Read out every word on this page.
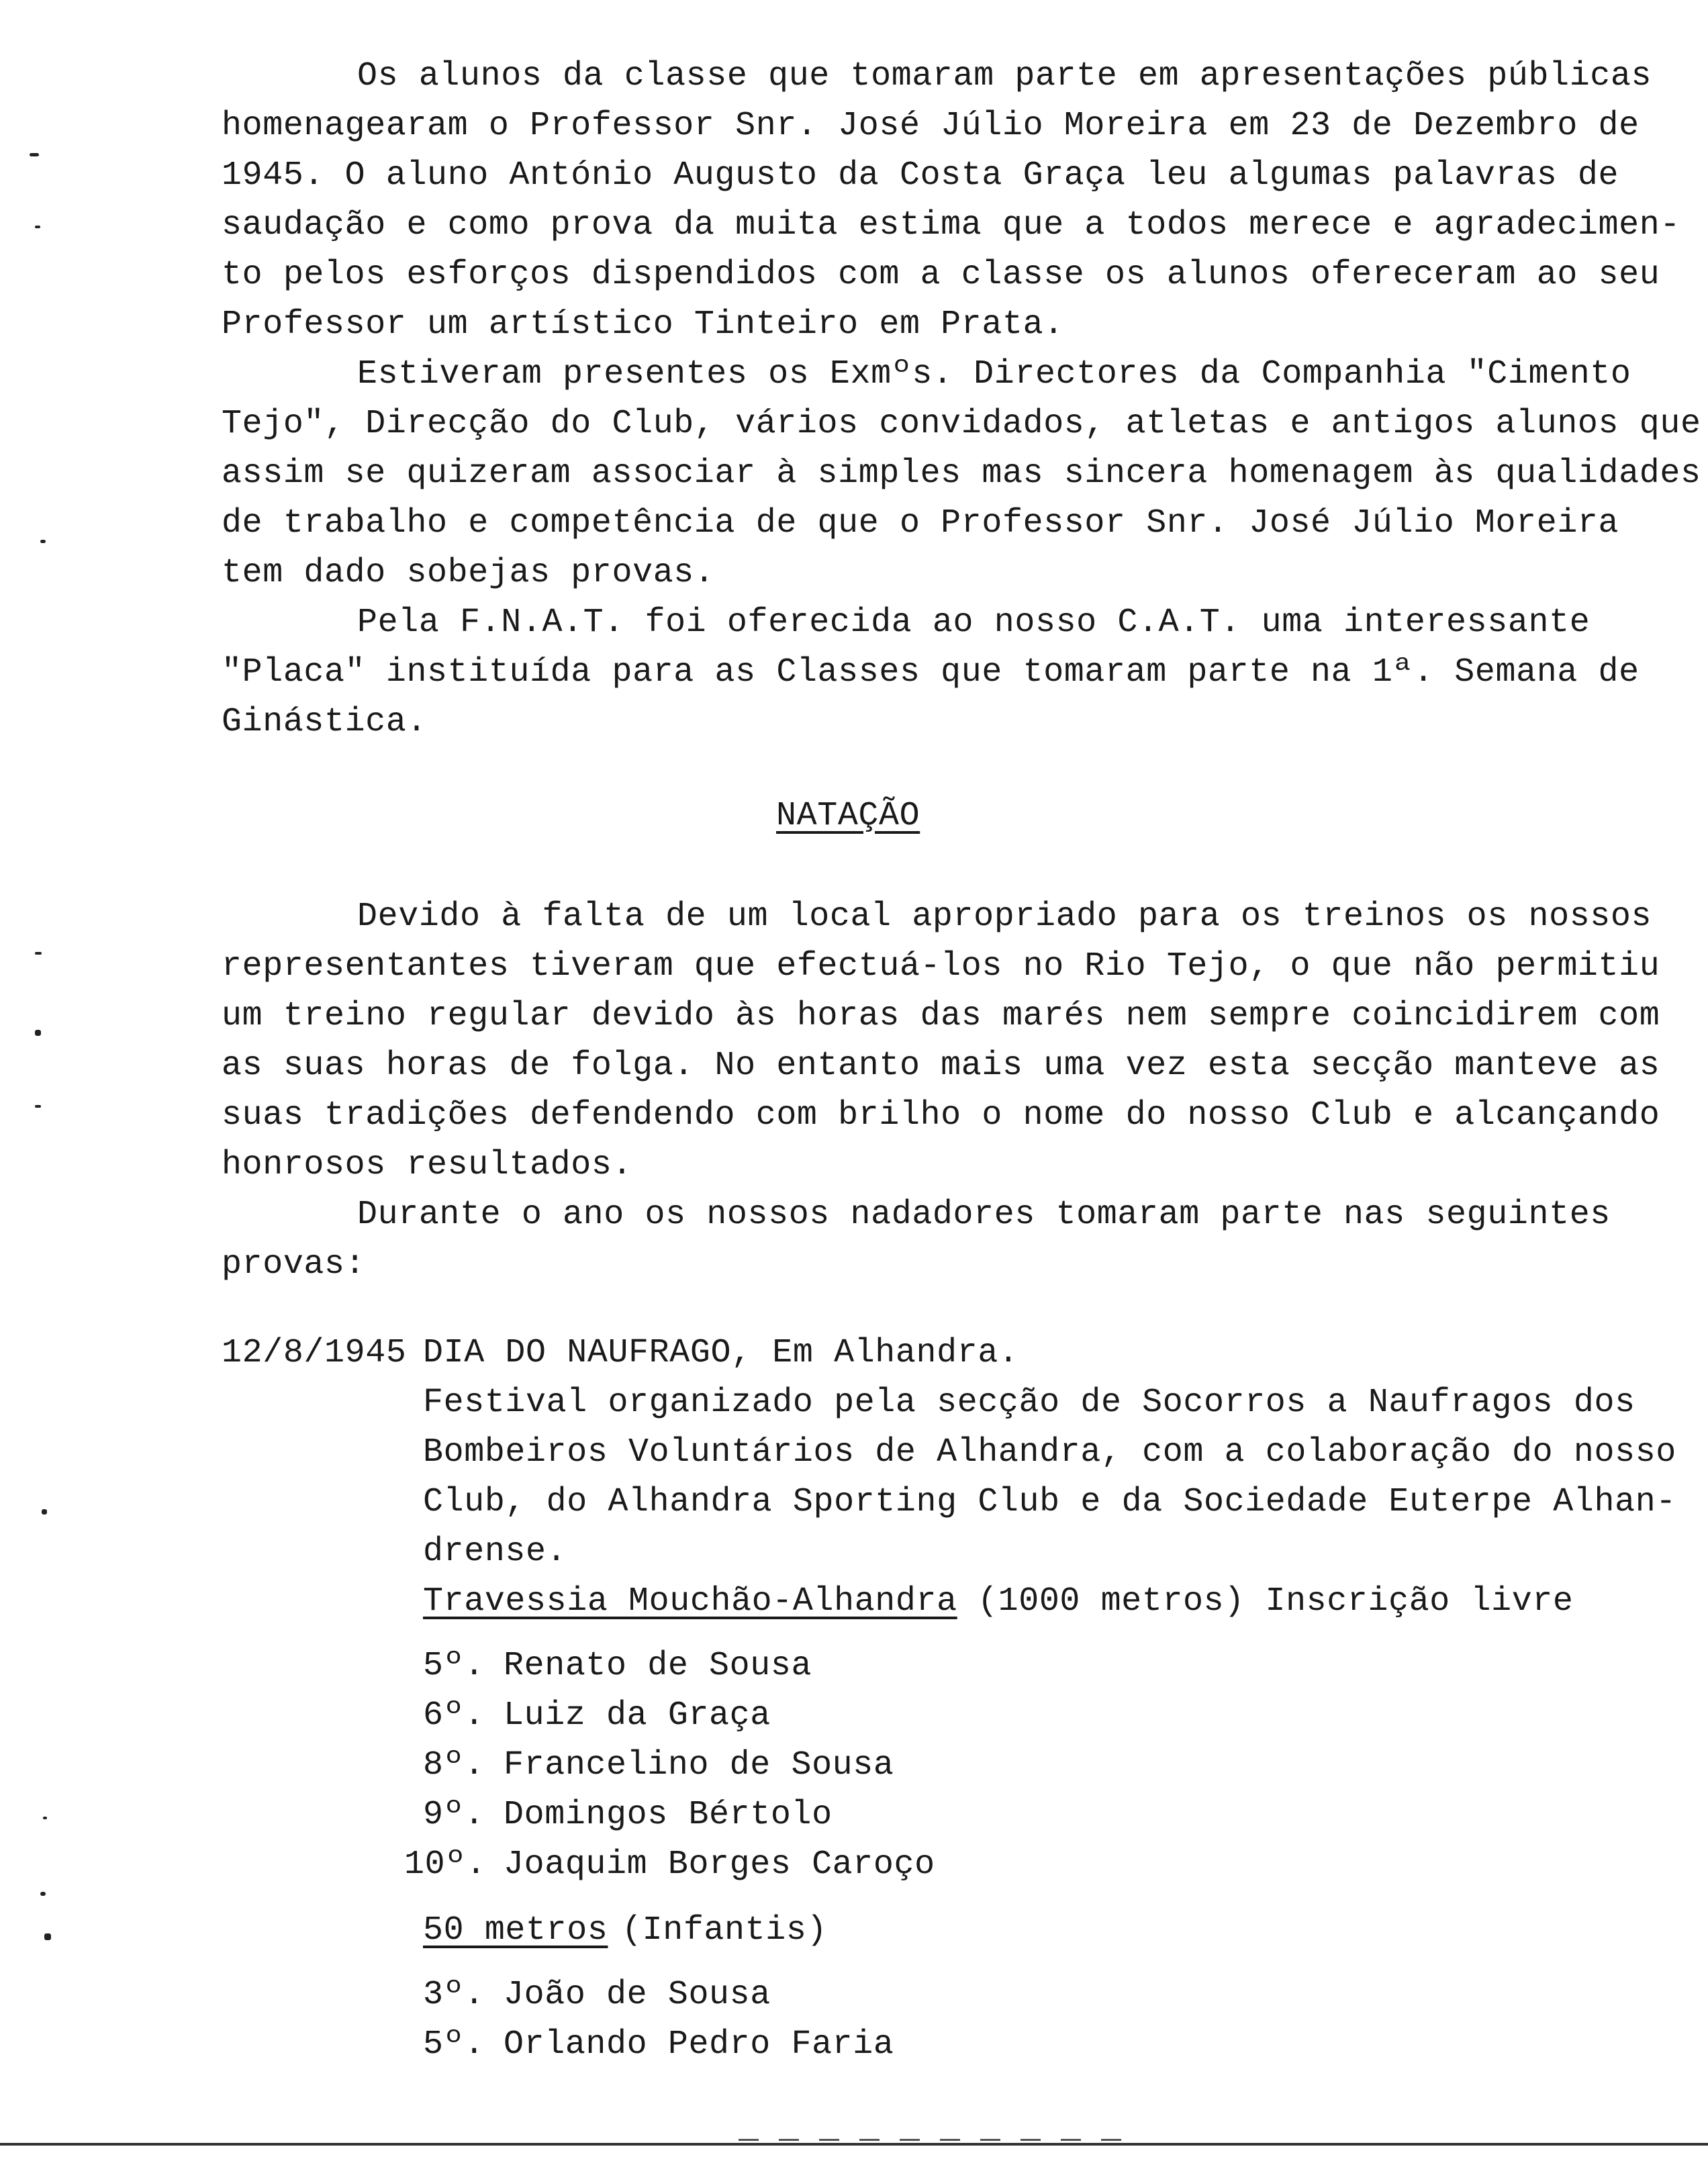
Os alunos da classe que tomaram parte em apresentações públicas
homenagearam o Professor Snr. José Júlio Moreira em 23 de Dezembro de
1945. O aluno António Augusto da Costa Graça leu algumas palavras de
saudação e como prova da muita estima que a todos merece e agradecimen-
to pelos esforços dispendidos com a classe os alunos ofereceram ao seu
Professor um artístico Tinteiro em Prata.
Estiveram presentes os Exmºs. Directores da Companhia "Cimento
Tejo", Direcção do Club, vários convidados, atletas e antigos alunos que
assim se quizeram associar à simples mas sincera homenagem às qualidades
de trabalho e competência de que o Professor Snr. José Júlio Moreira
tem dado sobejas provas.
Pela F.N.A.T. foi oferecida ao nosso C.A.T. uma interessante
"Placa" instituída para as Classes que tomaram parte na 1ª. Semana de
Ginástica.
NATAÇÃO
Devido à falta de um local apropriado para os treinos os nossos
representantes tiveram que efectuá-los no Rio Tejo, o que não permitiu
um treino regular devido às horas das marés nem sempre coincidirem com
as suas horas de folga. No entanto mais uma vez esta secção manteve as
suas tradições defendendo com brilho o nome do nosso Club e alcançando
honrosos resultados.
Durante o ano os nossos nadadores tomaram parte nas seguintes
provas:
12/8/1945 DIA DO NAUFRAGO, Em Alhandra.
Festival organizado pela secção de Socorros a Naufragos dos
Bombeiros Voluntários de Alhandra, com a colaboração do nosso
Club, do Alhandra Sporting Club e da Sociedade Euterpe Alhan-
drense.
Travessia Mouchão-Alhandra (1000 metros) Inscrição livre
5º. Renato de Sousa
6º. Luiz da Graça
8º. Francelino de Sousa
9º. Domingos Bértolo
10º. Joaquim Borges Caroço
50 metros (Infantis)
3º. João de Sousa
5º. Orlando Pedro Faria
